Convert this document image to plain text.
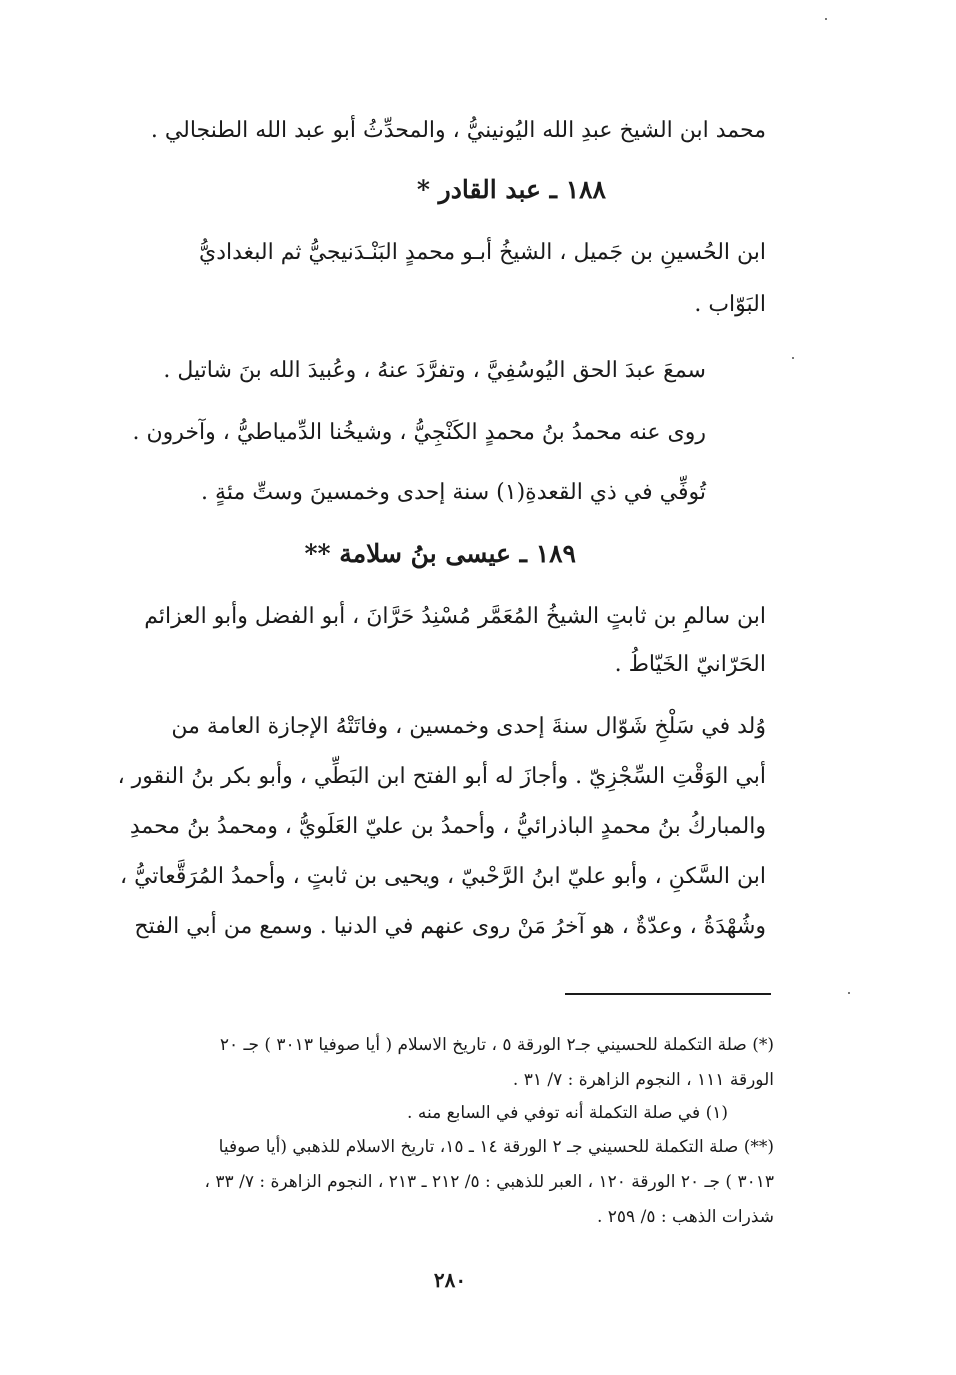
محمد ابن الشيخ عبدِ الله اليُونينيُّ ، والمحدِّثُ أبو عبد الله الطنجالي .
١٨٨ ـ عبد القادر *
ابن الحُسينِ بن جَميل ، الشيخُ أبـو محمدٍ البَنْـدَنيجيُّ ثم البغداديُّ
البَوّاب .
سمعَ عبدَ الحق اليُوسُفِيَّ ، وتفرَّدَ عنهُ ، وعُبيدَ الله بنَ شاتيل .
روى عنه محمدُ بنُ محمدٍ الكَنْجِيُّ ، وشيخُنا الدِّمياطيُّ ، وآخرون .
تُوفِّي في ذي القعدةِ(١) سنة إحدى وخمسينَ وستِّ مئةٍ .
١٨٩ ـ عيسى بنُ سلامة **
ابن سالمِ بن ثابتٍ الشيخُ المُعَمَّر مُسْنِدُ حَرَّانَ ، أبو الفضل وأبو العزائم
الحَرّانيّ الخَيّاطُ .
وُلد في سَلْخِ شَوّال سنةَ إحدى وخمسين ، وفاتَتْهُ الإجازة العامة من
أبي الوَقْتِ السِّجْزِيّ . وأجازَ له أبو الفتح ابن البَطِّي ، وأبو بكر بنُ النقور ،
والمباركُ بنُ محمدٍ الباذرائيُّ ، وأحمدُ بن عليّ العَلَويُّ ، ومحمدُ بنُ محمدِ
ابن السَّكنِ ، وأبو عليّ ابنُ الرَّحْبيّ ، ويحيى بن ثابتٍ ، وأحمدُ المُرَقَّعاتيُّ ،
وشُهْدَةُ ، وعدّةٌ ، هو آخرُ مَنْ روى عنهم في الدنيا . وسمع من أبي الفتح
(*) صلة التكملة للحسيني جـ٢ الورقة ٥ ، تاريخ الاسلام ( أيا صوفيا ٣٠١٣ ) جـ ٢٠
الورقة ١١١ ، النجوم الزاهرة : ٧/ ٣١ .
(١) في صلة التكملة أنه توفي في السابع منه .
(**) صلة التكملة للحسيني جـ ٢ الورقة ١٤ ـ ١٥، تاريخ الاسلام للذهبي (أيا صوفيا
٣٠١٣ ) جـ ٢٠ الورقة ١٢٠ ، العبر للذهبي : ٥/ ٢١٢ ـ ٢١٣ ، النجوم الزاهرة : ٧/ ٣٣ ،
شذرات الذهب : ٥/ ٢٥٩ .
٢٨٠
